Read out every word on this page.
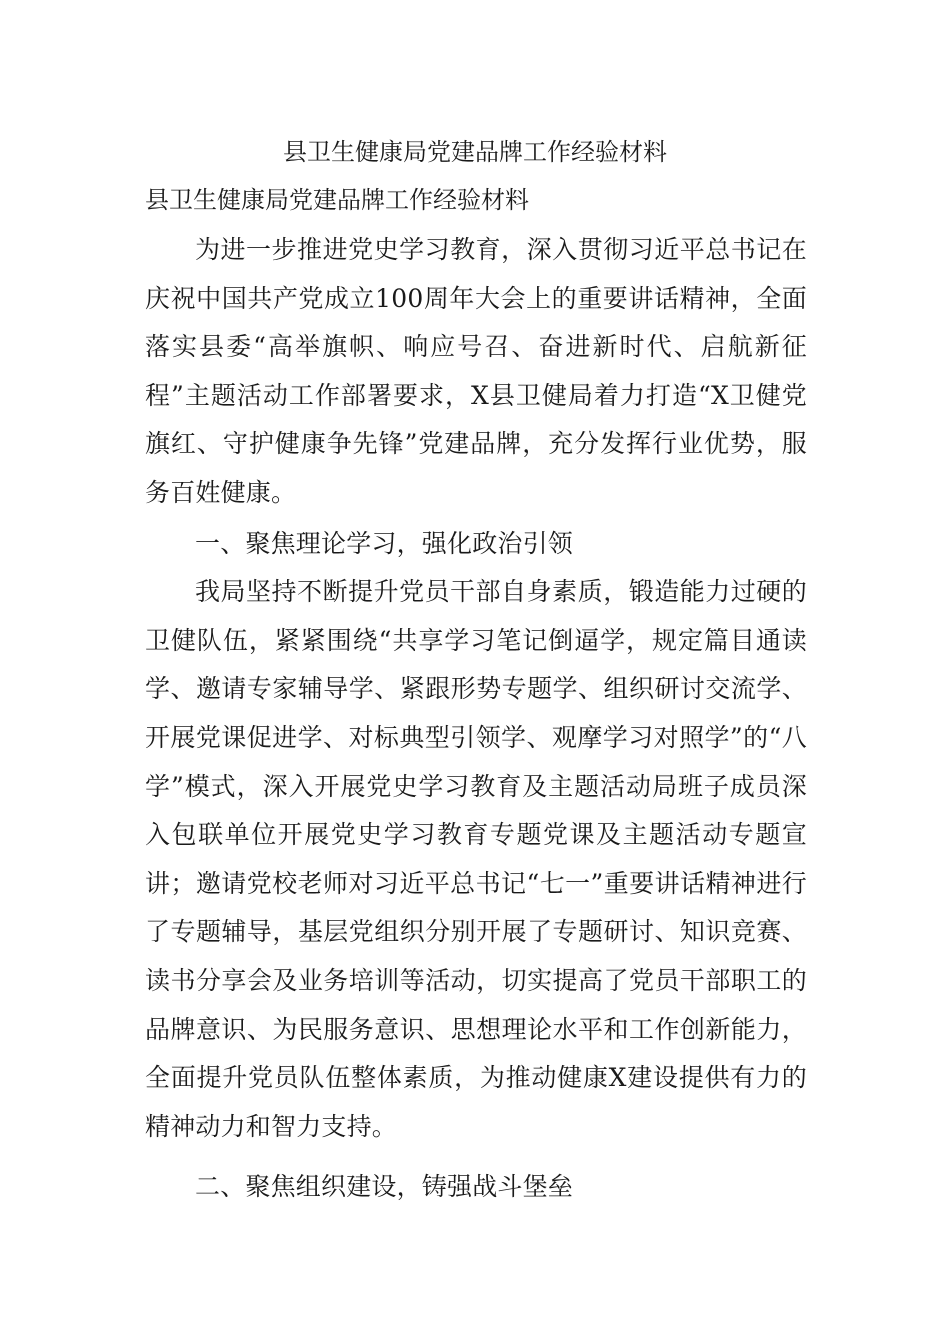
县卫生健康局党建品牌工作经验材料
县卫生健康局党建品牌工作经验材料

为进一步推进党史学习教育，深入贯彻习近平总书记在庆祝中国共产党成立100周年大会上的重要讲话精神，全面落实县委“高举旗帜、响应号召、奋进新时代、启航新征程”主题活动工作部署要求，X县卫健局着力打造“X卫健党旗红、守护健康争先锋”党建品牌，充分发挥行业优势，服务百姓健康。

一、聚焦理论学习，强化政治引领

我局坚持不断提升党员干部自身素质，锻造能力过硬的卫健队伍，紧紧围绕“共享学习笔记倒逼学，规定篇目通读学、邀请专家辅导学、紧跟形势专题学、组织研讨交流学、开展党课促进学、对标典型引领学、观摩学习对照学”的“八学”模式，深入开展党史学习教育及主题活动局班子成员深入包联单位开展党史学习教育专题党课及主题活动专题宣讲；邀请党校老师对习近平总书记“七一”重要讲话精神进行了专题辅导，基层党组织分别开展了专题研讨、知识竞赛、读书分享会及业务培训等活动，切实提高了党员干部职工的品牌意识、为民服务意识、思想理论水平和工作创新能力，全面提升党员队伍整体素质，为推动健康X建设提供有力的精神动力和智力支持。

二、聚焦组织建设，铸强战斗堡垒
